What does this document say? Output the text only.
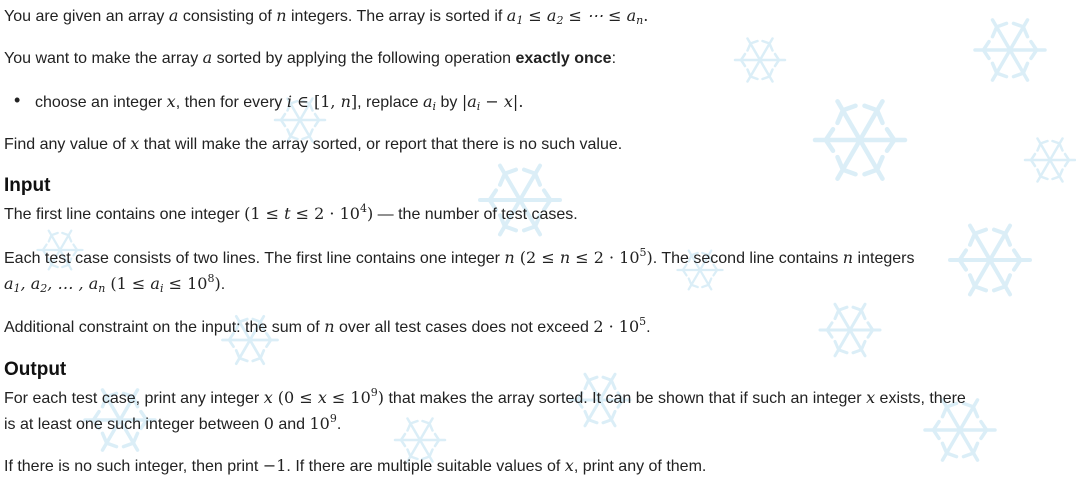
You are given an array a consisting of n integers. The array is sorted if $a_1 \le a_2$ ≤ ⋯ ≤ $a_n$.
You want to make the array a sorted by applying the following operation exactly once:
• choose an integer x, then for every i ∈ [1, n], replace $a_i$ by $|a_i - x|$.
Find any value of x that will make the array sorted, or report that there is no such value.
Input
The first line contains one integer $(1 \le t \le 2 \cdot 10^4)$ — the number of test cases.
Each test case consists of two lines. The first line contains one integer n $(2 \le n \le 2 \cdot 10^5)$. The second line contains n integers
$a_1$, $a_2$, … , $a_n$ $(1 \le a_i \le 10^8)$.
Additional constraint on the input: the sum of n over all test cases does not exceed $2 \cdot 10^5$.
Output
For each test case, print any integer x $(0 \le x \le 10^9)$ that makes the array sorted. It can be shown that if such an integer x exists, there
is at least one such integer between 0 and $10^9$.
If there is no such integer, then print −1. If there are multiple suitable values of x, print any of them.
